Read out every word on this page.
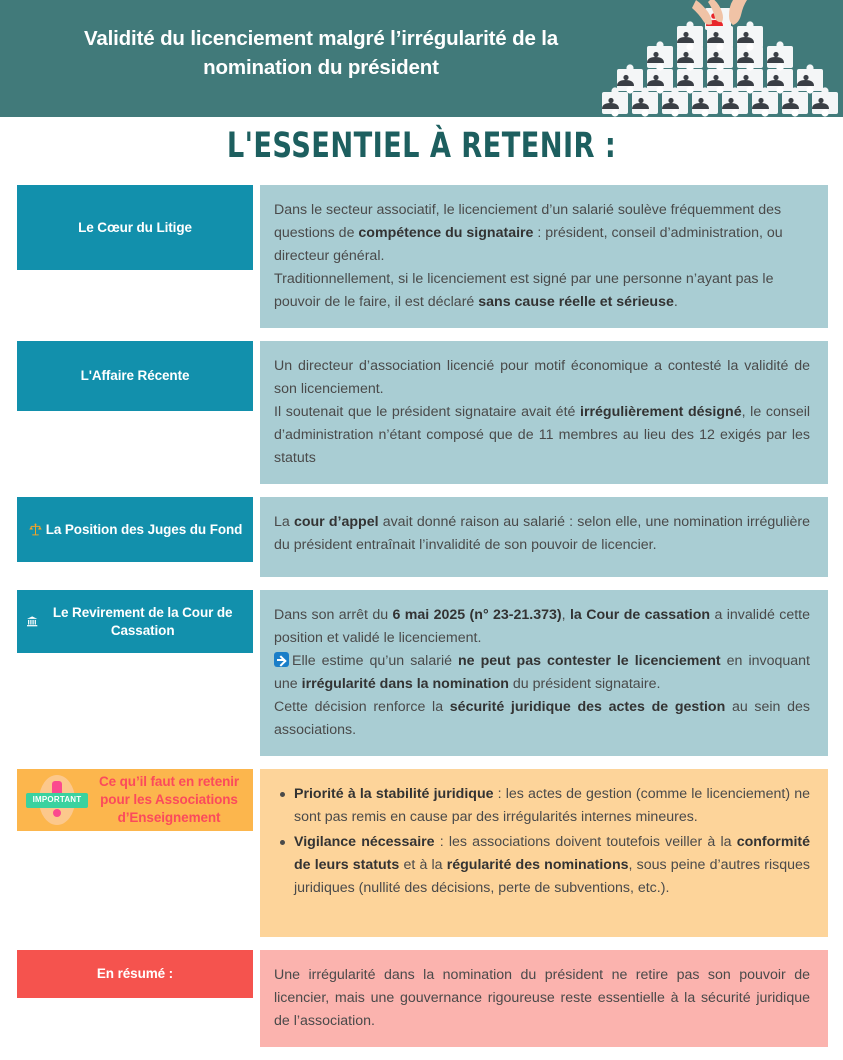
Validité du licenciement malgré l’irrégularité de la nomination du président
L'ESSENTIEL À RETENIR :
Le Cœur du Litige

Dans le secteur associatif, le licenciement d’un salarié soulève fréquemment des questions de compétence du signataire : président, conseil d’administration, ou directeur général.

Traditionnellement, si le licenciement est signé par une personne n’ayant pas le pouvoir de le faire, il est déclaré sans cause réelle et sérieuse.

L'Affaire Récente

Un directeur d’association licencié pour motif économique a contesté la validité de son licenciement.

Il soutenait que le président signataire avait été irrégulièrement désigné, le conseil d’administration n’étant composé que de 11 membres au lieu des 12 exigés par les statuts

La Position des Juges du Fond La cour d’appel avait donné raison au salarié : selon elle, une nomination irrégulière du président entraînait l’invalidité de son pouvoir de licencier.

Le Revirement de la Cour de Cassation

Dans son arrêt du 6 mai 2025 (n° 23-21.373), la Cour de cassation a invalidé cette position et validé le licenciement.

Elle estime qu’un salarié ne peut pas contester le licenciement en invoquant une irrégularité dans la nomination du président signataire.

Cette décision renforce la sécurité juridique des actes de gestion au sein des associations.

IMPORTANT
Ce qu’il faut en retenir pour les Associations d’Enseignement
Priorité à la stabilité juridique : les actes de gestion (comme le licenciement) ne sont pas remis en cause par des irrégularités internes mineures.
Vigilance nécessaire : les associations doivent toutefois veiller à la conformité de leurs statuts et à la régularité des nominations, sous peine d’autres risques juridiques (nullité des décisions, perte de subventions, etc.).
En résumé :	Une irrégularité dans la nomination du président ne retire pas son pouvoir de licencier, mais une gouvernance rigoureuse reste essentielle à la sécurité juridique de l’association.
